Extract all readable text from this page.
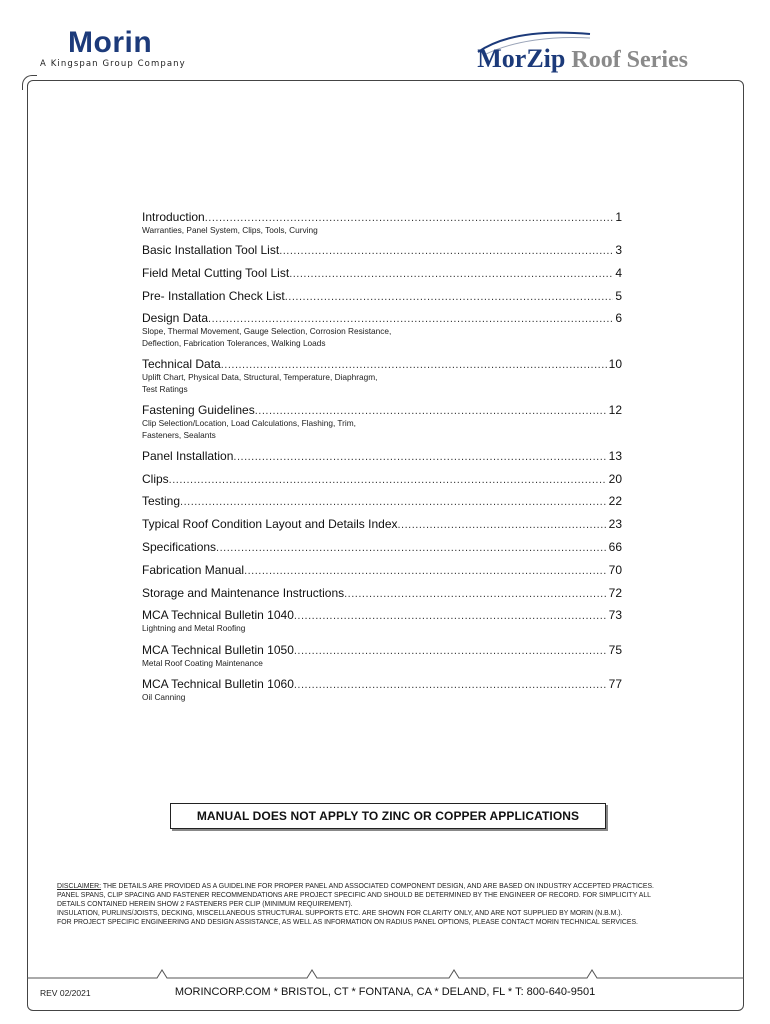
Morin
A Kingspan Group Company	Mor Zip Roof Series
Introduction .....	1
Warranties, Panel System, Clips, Tools, Curving
Basic Installation Tool List .....	3
Field Metal Cutting Tool List .....	4
Pre- Installation Check List .....	5
Design Data .....	6
Slope, Thermal Movement, Gauge Selection, Corrosion Resistance,
Deflection, Fabrication Tolerances, Walking Loads
Technical Data .....	10
Uplift Chart, Physical Data, Structural, Temperature, Diaphragm,
Test Ratings
Fastening Guidelines .....	12
Clip Selection/Location, Load Calculations, Flashing, Trim,
Fasteners, Sealants
Panel Installation .....	13
Clips .....	20
Testing .....	22
Typical Roof Condition Layout and Details Index .....	23
Specifications .....	66
Fabrication Manual .....	70
Storage and Maintenance Instructions .....	72
MCA Technical Bulletin 1040 .....	73
Lightning and Metal Roofing
MCA Technical Bulletin 1050 .....	75
Metal Roof Coating Maintenance
MCA Technical Bulletin 1060 .....	77
Oil Canning
MANUAL DOES NOT APPLY TO ZINC OR COPPER APPLICATIONS
DISCLAIMER: THE DETAILS ARE PROVIDED AS A GUIDELINE FOR PROPER PANEL AND ASSOCIATED COMPONENT DESIGN, AND ARE BASED ON INDUSTRY ACCEPTED PRACTICES.
PANEL SPANS, CLIP SPACING AND FASTENER RECOMMENDATIONS ARE PROJECT SPECIFIC AND SHOULD BE DETERMINED BY THE ENGINEER OF RECORD. FOR SIMPLICITY ALL
DETAILS CONTAINED HEREIN SHOW 2 FASTENERS PER CLIP (MINIMUM REQUIREMENT).
INSULATION, PURLINS/JOISTS, DECKING, MISCELLANEOUS STRUCTURAL SUPPORTS ETC. ARE SHOWN FOR CLARITY ONLY, AND ARE NOT SUPPLIED BY MORIN (N.B.M.).
FOR PROJECT SPECIFIC ENGINEERING AND DESIGN ASSISTANCE, AS WELL AS INFORMATION ON RADIUS PANEL OPTIONS, PLEASE CONTACT MORIN TECHNICAL SERVICES.
REV 02/2021	MORINCORP.COM * BRISTOL, CT * FONTANA, CA * DELAND, FL * T: 800-640-9501
